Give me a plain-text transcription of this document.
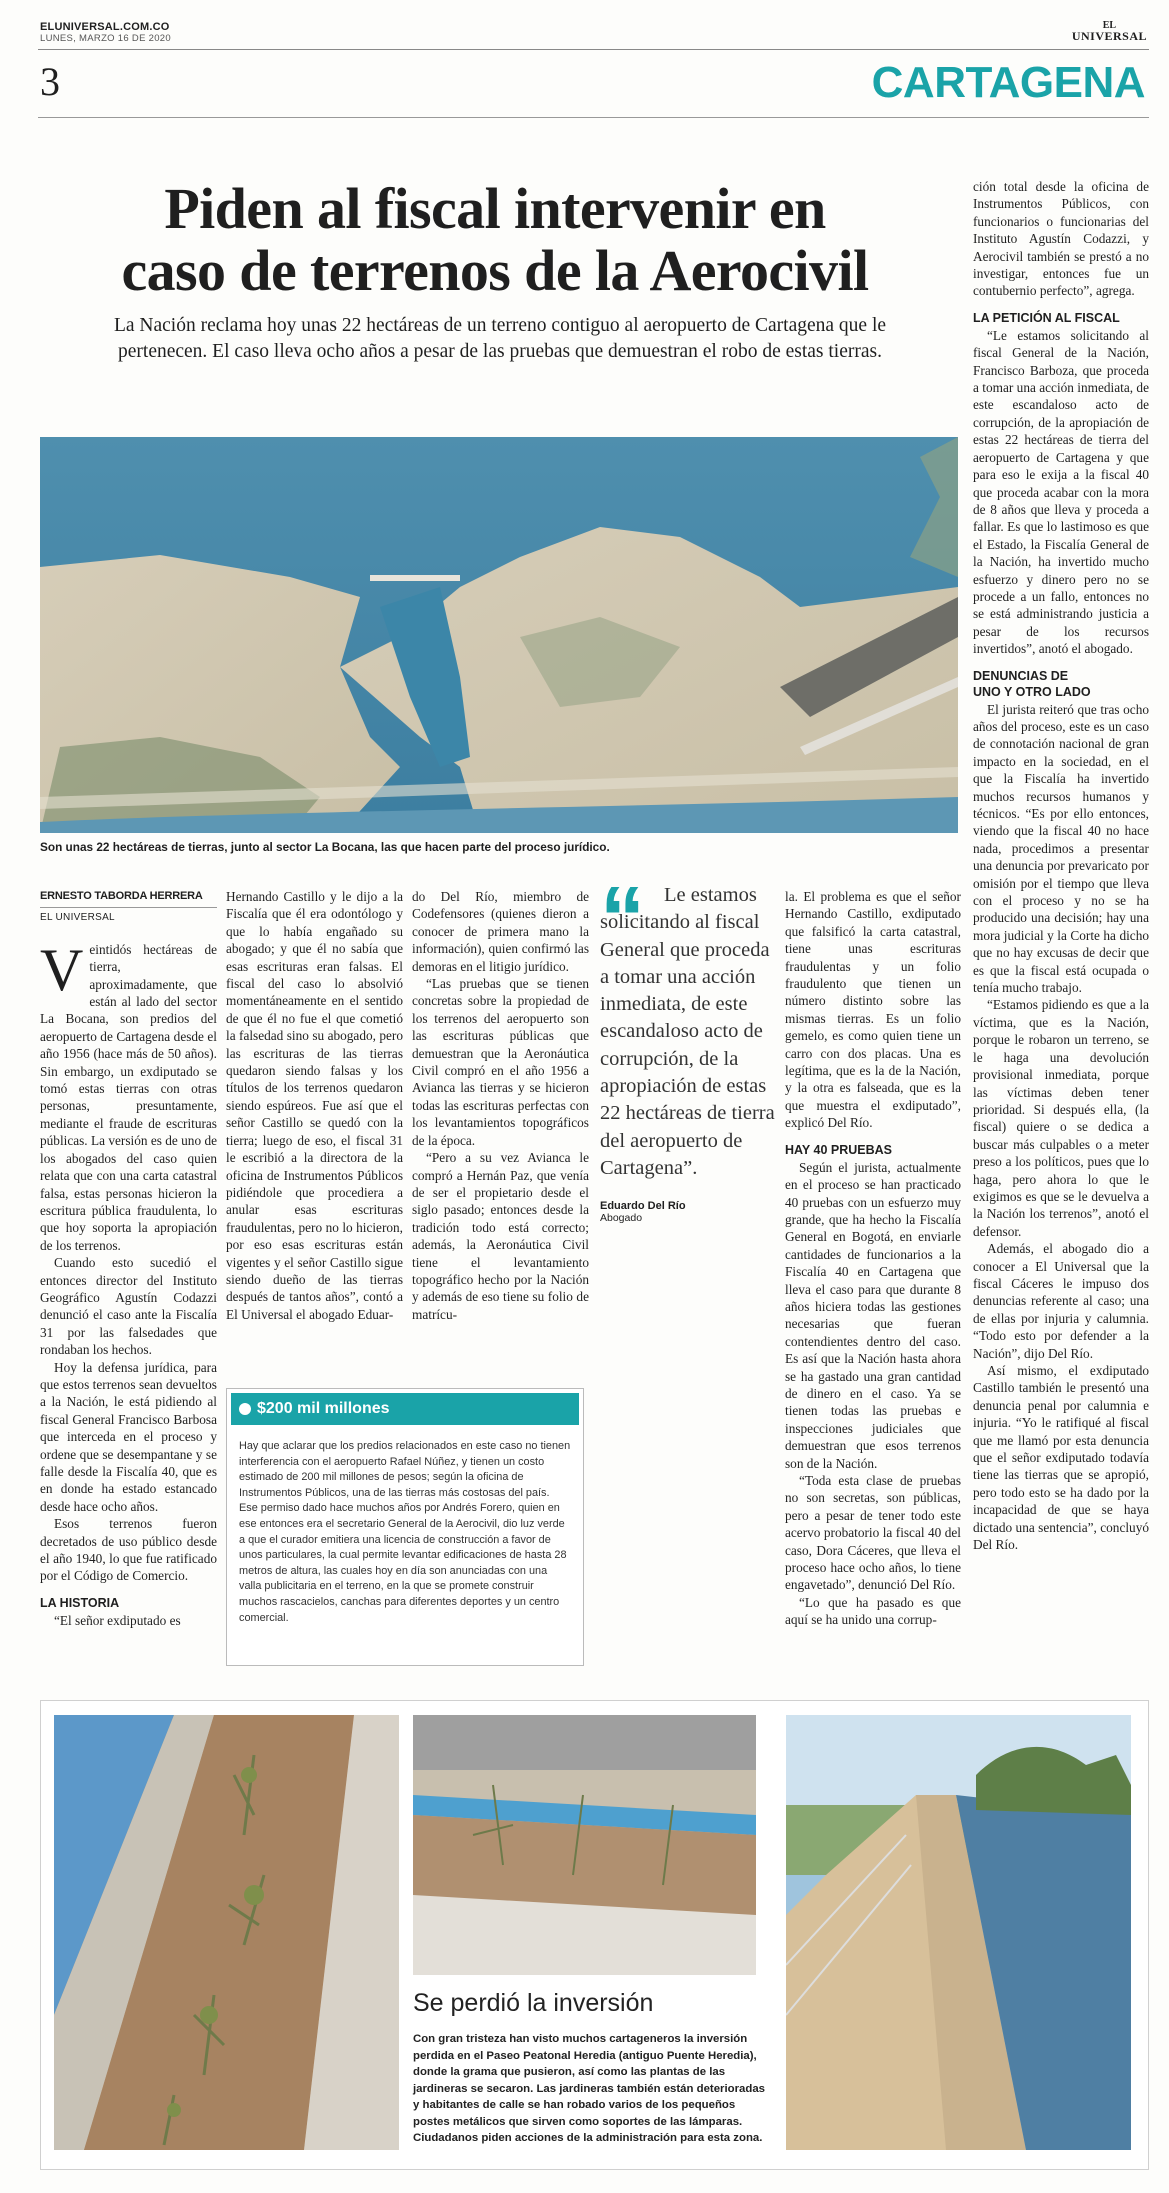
ELUNIVERSAL.COM.CO
LUNES, MARZO 16 DE 2020
EL
UNIVERSAL
3	CARTAGENA
Piden al fiscal intervenir en
caso de terrenos de la Aerocivil
La Nación reclama hoy unas 22 hectáreas de un terreno contiguo al aeropuerto de Cartagena que le pertenecen. El caso lleva ocho años a pesar de las pruebas que demuestran el robo de estas tierras.
Son unas 22 hectáreas de tierras, junto al sector La Bocana, las que hacen parte del proceso jurídico.
ERNESTO TABORDA HERRERA
EL UNIVERSAL

Veintidós hectáreas de tierra, aproximadamente, que están al lado del sector La Bocana, son predios del aeropuerto de Cartagena desde el año 1956 (hace más de 50 años). Sin embargo, un exdiputado se tomó estas tierras con otras personas, presuntamente, mediante el fraude de escrituras públicas. La versión es de uno de los abogados del caso quien relata que con una carta catastral falsa, estas personas hicieron la escritura pública fraudulenta, lo que hoy soporta la apropiación de los terrenos.

Cuando esto sucedió el entonces director del Instituto Geográfico Agustín Codazzi denunció el caso ante la Fiscalía 31 por las falsedades que rondaban los hechos.

Hoy la defensa jurídica, para que estos terrenos sean devueltos a la Nación, le está pidiendo al fiscal General Francisco Barbosa que interceda en el proceso y ordene que se desempantane y se falle desde la Fiscalía 40, que es en donde ha estado estancado desde hace ocho años.

Esos terrenos fueron decretados de uso público desde el año 1940, lo que fue ratificado por el Código de Comercio.

LA HISTORIA

“El señor exdiputado es

Hernando Castillo y le dijo a la Fiscalía que él era odontólogo y que lo había engañado su abogado; y que él no sabía que esas escrituras eran falsas. El fiscal del caso lo absolvió momentáneamente en el sentido de que él no fue el que cometió la falsedad sino su abogado, pero las escrituras de las tierras quedaron siendo falsas y los títulos de los terrenos quedaron siendo espúreos. Fue así que el señor Castillo se quedó con la tierra; luego de eso, el fiscal 31 le escribió a la directora de la oficina de Instrumentos Públicos pidiéndole que procediera a anular esas escrituras fraudulentas, pero no lo hicieron, por eso esas escrituras están vigentes y el señor Castillo sigue siendo dueño de las tierras después de tantos años”, contó a El Universal el abogado Eduar-

do Del Río, miembro de Codefensores (quienes dieron a conocer de primera mano la información), quien confirmó las demoras en el litigio jurídico.

“Las pruebas que se tienen concretas sobre la propiedad de los terrenos del aeropuerto son las escrituras públicas que demuestran que la Aeronáutica Civil compró en el año 1956 a Avianca las tierras y se hicieron todas las escrituras perfectas con los levantamientos topográficos de la época.

“Pero a su vez Avianca le compró a Hernán Paz, que venía de ser el propietario desde el siglo pasado; entonces desde la tradición todo está correcto; además, la Aeronáutica Civil tiene el levantamiento topográfico hecho por la Nación y además de eso tiene su folio de matrícu-

$200 mil millones
Hay que aclarar que los predios relacionados en este caso no tienen interferencia con el aeropuerto Rafael Núñez, y tienen un costo estimado de 200 mil millones de pesos; según la oficina de Instrumentos Públicos, una de las tierras más costosas del país.
Ese permiso dado hace muchos años por Andrés Forero, quien en ese entonces era el secretario General de la Aerocivil, dio luz verde a que el curador emitiera una licencia de construcción a favor de unos particulares, la cual permite levantar edificaciones de hasta 28 metros de altura, las cuales hoy en día son anunciadas con una valla publicitaria en el terreno, en la que se promete construir muchos rascacielos, canchas para diferentes deportes y un centro comercial.
“ Le estamos solicitando al fiscal General que proceda a tomar una acción inmediata, de este escandaloso acto de corrupción, de la apropiación de estas 22 hectáreas de tierra del aeropuerto de Cartagena”.
Eduardo Del Río
Abogado

la. El problema es que el señor Hernando Castillo, exdiputado que falsificó la carta catastral, tiene unas escrituras fraudulentas y un folio fraudulento que tienen un número distinto sobre las mismas tierras. Es un folio gemelo, es como quien tiene un carro con dos placas. Una es legítima, que es la de la Nación, y la otra es falseada, que es la que muestra el exdiputado”, explicó Del Río.

HAY 40 PRUEBAS

Según el jurista, actualmente en el proceso se han practicado 40 pruebas con un esfuerzo muy grande, que ha hecho la Fiscalía General en Bogotá, en enviarle cantidades de funcionarios a la Fiscalía 40 en Cartagena que lleva el caso para que durante 8 años hiciera todas las gestiones necesarias que fueran contendientes dentro del caso. Es así que la Nación hasta ahora se ha gastado una gran cantidad de dinero en el caso. Ya se tienen todas las pruebas e inspecciones judiciales que demuestran que esos terrenos son de la Nación.

“Toda esta clase de pruebas no son secretas, son públicas, pero a pesar de tener todo este acervo probatorio la fiscal 40 del caso, Dora Cáceres, que lleva el proceso hace ocho años, lo tiene engavetado”, denunció Del Río.

“Lo que ha pasado es que aquí se ha unido una corrup-

ción total desde la oficina de Instrumentos Públicos, con funcionarios o funcionarias del Instituto Agustín Codazzi, y Aerocivil también se prestó a no investigar, entonces fue un contubernio perfecto”, agrega.

LA PETICIÓN AL FISCAL

“Le estamos solicitando al fiscal General de la Nación, Francisco Barboza, que proceda a tomar una acción inmediata, de este escandaloso acto de corrupción, de la apropiación de estas 22 hectáreas de tierra del aeropuerto de Cartagena y que para eso le exija a la fiscal 40 que proceda acabar con la mora de 8 años que lleva y proceda a fallar. Es que lo lastimoso es que el Estado, la Fiscalía General de la Nación, ha invertido mucho esfuerzo y dinero pero no se procede a un fallo, entonces no se está administrando justicia a pesar de los recursos invertidos”, anotó el abogado.

DENUNCIAS DE
UNO Y OTRO LADO

El jurista reiteró que tras ocho años del proceso, este es un caso de connotación nacional de gran impacto en la sociedad, en el que la Fiscalía ha invertido muchos recursos humanos y técnicos. “Es por ello entonces, viendo que la fiscal 40 no hace nada, procedimos a presentar una denuncia por prevaricato por omisión por el tiempo que lleva con el proceso y no se ha producido una decisión; hay una mora judicial y la Corte ha dicho que no hay excusas de decir que es que la fiscal está ocupada o tenía mucho trabajo.

“Estamos pidiendo es que a la víctima, que es la Nación, porque le robaron un terreno, se le haga una devolución provisional inmediata, porque las víctimas deben tener prioridad. Si después ella, (la fiscal) quiere o se dedica a buscar más culpables o a meter preso a los políticos, pues que lo haga, pero ahora lo que le exigimos es que se le devuelva a la Nación los terrenos”, anotó el defensor.

Además, el abogado dio a conocer a El Universal que la fiscal Cáceres le impuso dos denuncias referente al caso; una de ellas por injuria y calumnia. “Todo esto por defender a la Nación”, dijo Del Río.

Así mismo, el exdiputado Castillo también le presentó una denuncia penal por calumnia e injuria. “Yo le ratifiqué al fiscal que me llamó por esta denuncia que el señor exdiputado todavía tiene las tierras que se apropió, pero todo esto se ha dado por la incapacidad de que se haya dictado una sentencia”, concluyó Del Río.

Se perdió la inversión
Con gran tristeza han visto muchos cartageneros la inversión perdida en el Paseo Peatonal Heredia (antiguo Puente Heredia), donde la grama que pusieron, así como las plantas de las jardineras se secaron. Las jardineras también están deterioradas y habitantes de calle se han robado varios de los pequeños postes metálicos que sirven como soportes de las lámparas. Ciudadanos piden acciones de la administración para esta zona.
